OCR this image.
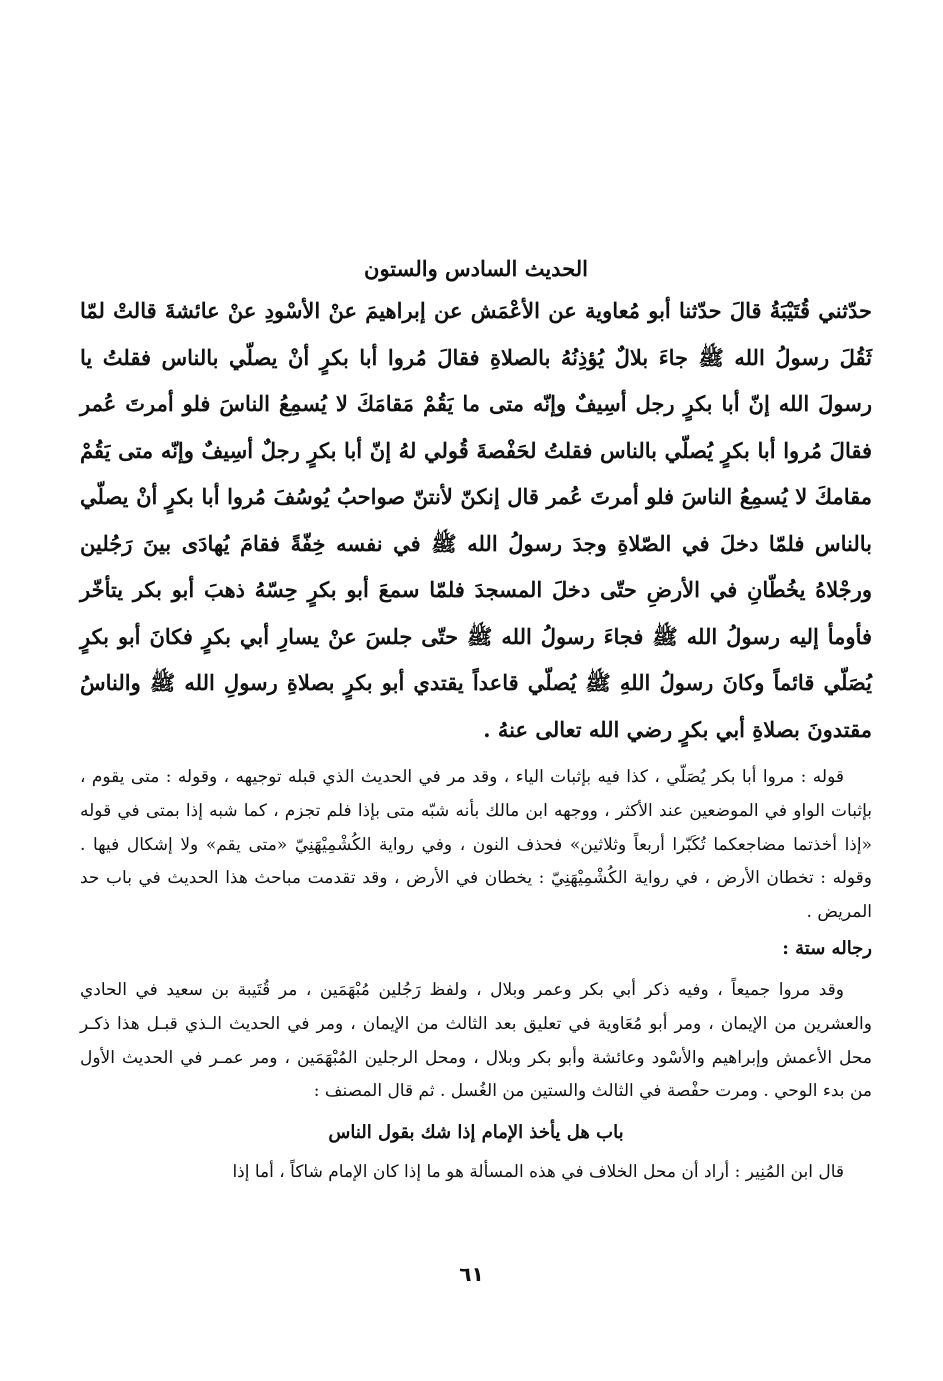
الحديث السادس والستون

حدّثني قُتَيْبَةُ قالَ حدّثنا أبو مُعاوية عن الأعْمَش عن إبراهيمَ عنْ الأسْودِ عنْ عائشةَ قالتْ لمّا ثَقُلَ رسولُ الله ﷺ جاءَ بلالٌ يُؤذِنُهُ بالصلاةِ فقالَ مُروا أبا بكرٍ أنْ يصلّي بالناس فقلتُ يا رسولَ الله إنّ أبا بكرٍ رجل أسِيفٌ وإنّه متى ما يَقُمْ مَقامَكَ لا يُسمِعُ الناسَ فلو أمرتَ عُمر فقالَ مُروا أبا بكرٍ يُصلّي بالناس فقلتُ لحَفْصةَ قُولي لهُ إنّ أبا بكرٍ رجلٌ أسِيفٌ وإنّه متى يَقُمْ مقامكَ لا يُسمِعُ الناسَ فلو أمرتَ عُمر قال إنكنّ لأنتنّ صواحبُ يُوسُفَ مُروا أبا بكرٍ أنْ يصلّي بالناس فلمّا دخلَ في الصّلاةِ وجدَ رسولُ الله ﷺ في نفسه خِفّةً فقامَ يُهادَى بينَ رَجُلين ورجْلاهُ يخُطّانِ في الأرضِ حتّى دخلَ المسجدَ فلمّا سمعَ أبو بكرٍ حِسّهُ ذهبَ أبو بكر يتأخّر فأومأ إليه رسولُ الله ﷺ فجاءَ رسولُ الله ﷺ حتّى جلسَ عنْ يسارِ أبي بكرٍ فكانَ أبو بكرٍ يُصَلّي قائماً وكانَ رسولُ اللهِ ﷺ يُصلّي قاعداً يقتدي أبو بكرٍ بصلاةِ رسولِ الله ﷺ والناسُ مقتدونَ بصلاةِ أبي بكرٍ رضي الله تعالى عنهُ .

قوله : مروا أبا بكر يُصَلّي ، كذا فيه بإثبات الياء ، وقد مر في الحديث الذي قبله توجيهه ، وقوله : متى يقوم ، بإثبات الواو في الموضعين عند الأكثر ، ووجهه ابن مالك بأنه شبّه متى بإذا فلم تجزم ، كما شبه إذا بمتى في قوله «إذا أخذتما مضاجعكما تُكَبّرا أربعاً وثلاثين» فحذف النون ، وفي رواية الكُشْمِيْهَنِيّ «متى يقم» ولا إشكال فيها . وقوله : تخطان الأرض ، في رواية الكُشْمِيْهَنِيّ : يخطان في الأرض ، وقد تقدمت مباحث هذا الحديث في باب حد المريض .

رجاله ستة :

وقد مروا جميعاً ، وفيه ذكر أبي بكر وعمر وبلال ، ولفظ رَجُلين مُبْهَمَين ، مر قُتَيبة بن سعيد في الحادي والعشرين من الإيمان ، ومر أبو مُعَاوية في تعليق بعد الثالث من الإيمان ، ومر في الحديث الـذي قبـل هذا ذكـر محل الأعمش وإبراهيم والأسْود وعائشة وأبو بكر وبلال ، ومحل الرجلين المُبْهَمَين ، ومر عمـر في الحديث الأول من بدء الوحي . ومرت حفْصة في الثالث والستين من الغُسل . ثم قال المصنف :

باب هل يأخذ الإمام إذا شك بقول الناس

قال ابن المُنِير : أراد أن محل الخلاف في هذه المسألة هو ما إذا كان الإمام شاكاً ، أما إذا

٦١
